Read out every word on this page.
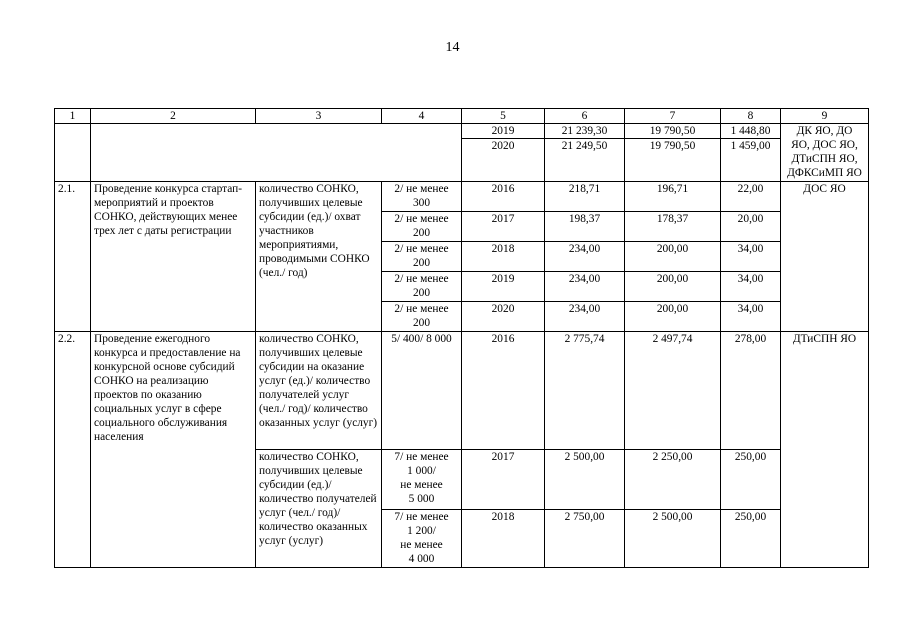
14
1	2	3	4	5	6	7	8	9
				2019	21 239,30	19 790,50	1 448,80	ДК ЯО, ДО
ЯО, ДОС ЯО,
ДТиСПН ЯО,
ДФКСиМП ЯО
				2020	21 249,50	19 790,50	1 459,00	
2.1.	Проведение конкурса стартап-мероприятий и проектов СОНКО, действующих менее трех лет с даты регистрации	количество СОНКО, получивших целевые субсидии (ед.)/ охват участников мероприятиями, проводимыми СОНКО (чел./ год)	2/ не менее
300	2016	218,71	196,71	22,00	ДОС ЯО
			2/ не менее
200	2017	198,37	178,37	20,00	
			2/ не менее
200	2018	234,00	200,00	34,00	
			2/ не менее
200	2019	234,00	200,00	34,00	
			2/ не менее
200	2020	234,00	200,00	34,00	
2.2.	Проведение ежегодного конкурса и предоставление на конкурсной основе субсидий СОНКО на реализацию проектов по оказанию социальных услуг в сфере социального обслуживания населения	количество СОНКО, получивших целевые субсидии на оказание услуг (ед.)/ количество получателей услуг (чел./ год)/ количество оказанных услуг (услуг)	5/ 400/ 8 000	2016	2 775,74	2 497,74	278,00	ДТиСПН ЯО
		количество СОНКО, получивших целевые субсидии (ед.)/ количество получателей услуг (чел./ год)/ количество оказанных услуг (услуг)	7/ не менее
1 000/
не менее
5 000	2017	2 500,00	2 250,00	250,00	
			7/ не менее
1 200/
не менее
4 000	2018	2 750,00	2 500,00	250,00	
